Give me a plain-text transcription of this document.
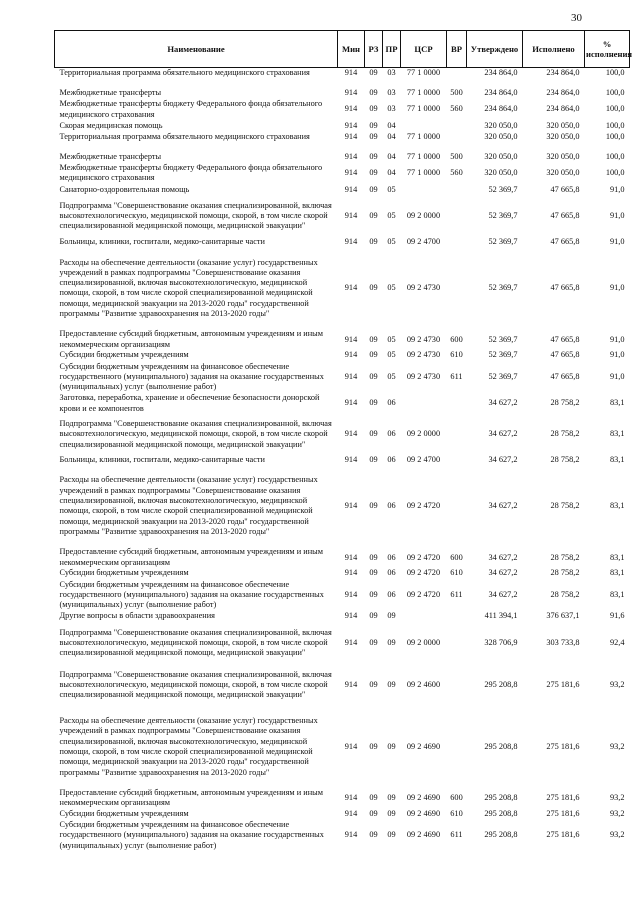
30
Наименование	Мин	РЗ	ПР	ЦСР	ВР	Утверждено	Исполнено	% исполнения
Территориальная программа обязательного медицинского страхования	914	09	03	77 1 0000		234 864,0	234 864,0	100,0

Межбюджетные трансферты	914	09	03	77 1 0000	500	234 864,0	234 864,0	100,0
Межбюджетные трансферты бюджету Федерального фонда обязательного медицинского страхования	914	09	03	77 1 0000	560	234 864,0	234 864,0	100,0
Скорая медицинская помощь	914	09	04			320 050,0	320 050,0	100,0
Территориальная программа обязательного медицинского страхования	914	09	04	77 1 0000		320 050,0	320 050,0	100,0

Межбюджетные трансферты	914	09	04	77 1 0000	500	320 050,0	320 050,0	100,0
Межбюджетные трансферты бюджету Федерального фонда обязательного медицинского страхования	914	09	04	77 1 0000	560	320 050,0	320 050,0	100,0
Санаторно-оздоровительная помощь	914	09	05			52 369,7	47 665,8	91,0
Подпрограмма "Совершенствование оказания специализированной, включая высокотехнологическую, медицинской помощи, скорой, в том числе скорой специализированной медицинской помощи, медицинской эвакуации"	914	09	05	09 2 0000		52 369,7	47 665,8	91,0
Больницы, клиники, госпитали, медико-санитарные части	914	09	05	09 2 4700		52 369,7	47 665,8	91,0

Расходы на обеспечение деятельности (оказание услуг) государственных учреждений в рамках подпрограммы "Совершенствование оказания специализированной, включая высокотехнологическую, медицинской помощи, скорой, в том числе скорой специализированной медицинской помощи, медицинской эвакуации на 2013-2020 годы" государственной программы "Развитие здравоохранения на 2013-2020 годы"	914	09	05	09 2 4730		52 369,7	47 665,8	91,0

Предоставление субсидий бюджетным, автономным учреждениям и иным некоммерческим организациям	914	09	05	09 2 4730	600	52 369,7	47 665,8	91,0
Субсидии бюджетным учреждениям	914	09	05	09 2 4730	610	52 369,7	47 665,8	91,0
Субсидии бюджетным учреждениям на финансовое обеспечение государственного (муниципального) задания на оказание государственных (муниципальных) услуг (выполнение работ)	914	09	05	09 2 4730	611	52 369,7	47 665,8	91,0
Заготовка, переработка, хранение и обеспечение безопасности донорской крови и ее компонентов	914	09	06			34 627,2	28 758,2	83,1
Подпрограмма "Совершенствование оказания специализированной, включая высокотехнологическую, медицинской помощи, скорой, в том числе скорой специализированной медицинской помощи, медицинской эвакуации"	914	09	06	09 2 0000		34 627,2	28 758,2	83,1
Больницы, клиники, госпитали, медико-санитарные части	914	09	06	09 2 4700		34 627,2	28 758,2	83,1

Расходы на обеспечение деятельности (оказание услуг) государственных учреждений в рамках подпрограммы "Совершенствование оказания специализированной, включая высокотехнологическую, медицинской помощи, скорой, в том числе скорой специализированной медицинской помощи, медицинской эвакуации на 2013-2020 годы" государственной программы "Развитие здравоохранения на 2013-2020 годы"	914	09	06	09 2 4720		34 627,2	28 758,2	83,1

Предоставление субсидий бюджетным, автономным учреждениям и иным некоммерческим организациям	914	09	06	09 2 4720	600	34 627,2	28 758,2	83,1
Субсидии бюджетным учреждениям	914	09	06	09 2 4720	610	34 627,2	28 758,2	83,1
Субсидии бюджетным учреждениям на финансовое обеспечение государственного (муниципального) задания на оказание государственных (муниципальных) услуг (выполнение работ)	914	09	06	09 2 4720	611	34 627,2	28 758,2	83,1
Другие вопросы в области здравоохранения	914	09	09			411 394,1	376 637,1	91,6
Подпрограмма "Совершенствование оказания специализированной, включая высокотехнологическую, медицинской помощи, скорой, в том числе скорой специализированной медицинской помощи, медицинской эвакуации"	914	09	09	09 2 0000		328 706,9	303 733,8	92,4
Подпрограмма "Совершенствование оказания специализированной, включая высокотехнологическую, медицинской помощи, скорой, в том числе скорой специализированной медицинской помощи, медицинской эвакуации"	914	09	09	09 2 4600		295 208,8	275 181,6	93,2

Расходы на обеспечение деятельности (оказание услуг) государственных учреждений в рамках подпрограммы "Совершенствование оказания специализированной, включая высокотехнологическую, медицинской помощи, скорой, в том числе скорой специализированной медицинской помощи, медицинской эвакуации на 2013-2020 годы" государственной программы "Развитие здравоохранения на 2013-2020 годы"	914	09	09	09 2 4690		295 208,8	275 181,6	93,2

Предоставление субсидий бюджетным, автономным учреждениям и иным некоммерческим организациям	914	09	09	09 2 4690	600	295 208,8	275 181,6	93,2
Субсидии бюджетным учреждениям	914	09	09	09 2 4690	610	295 208,8	275 181,6	93,2
Субсидии бюджетным учреждениям на финансовое обеспечение государственного (муниципального) задания на оказание государственных (муниципальных) услуг (выполнение работ)	914	09	09	09 2 4690	611	295 208,8	275 181,6	93,2
